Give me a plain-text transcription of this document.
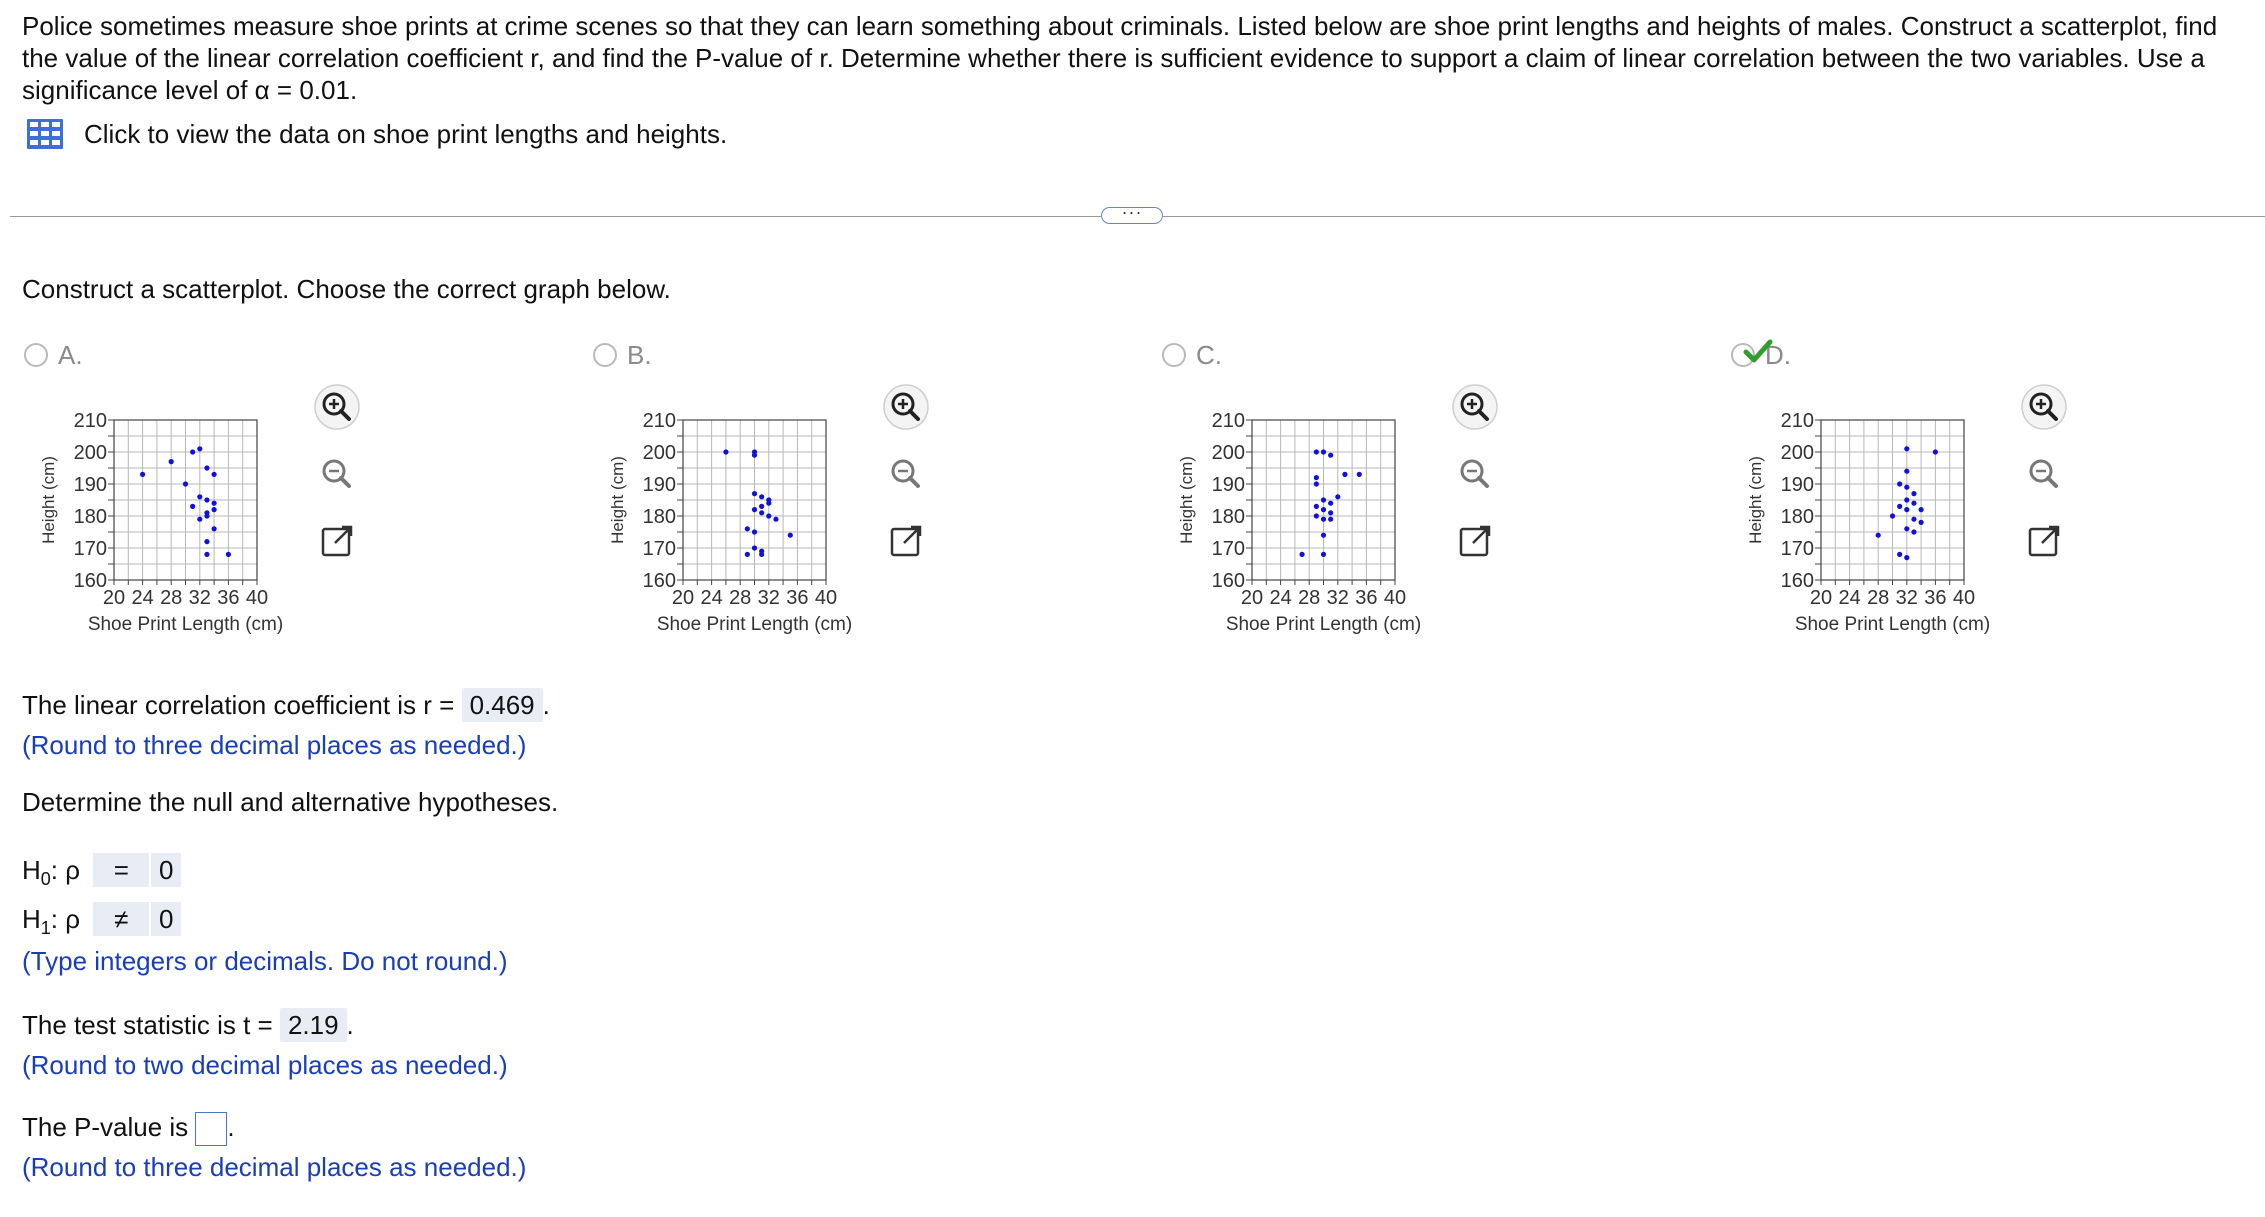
Police sometimes measure shoe prints at crime scenes so that they can learn something about criminals. Listed below are shoe print lengths and heights of males. Construct a scatterplot, find the value of the linear correlation coefficient r, and find the P-value of r. Determine whether there is sufficient evidence to support a claim of linear correlation between the two variables. Use a significance level of α = 0.01.
Click to view the data on shoe print lengths and heights.
···
Construct a scatterplot. Choose the correct graph below.
A.	B.	C.	D.
160
170
180
190
200
210
20 24 28 32 36 40
Shoe Print Length (cm)
Height (cm)
160
170
180
190
200
210
20 24 28 32 36 40
Shoe Print Length (cm)
Height (cm)
160
170
180
190
200
210
20 24 28 32 36 40
Shoe Print Length (cm)
Height (cm)
160
170
180
190
200
210
20 24 28 32 36 40
Shoe Print Length (cm)
Height (cm)
The linear correlation coefficient is r = 0.469 .
(Round to three decimal places as needed.)
Determine the null and alternative hypotheses.
$H_0$: ρ = 0
$H_1$: ρ ≠ 0
(Type integers or decimals. Do not round.)
The test statistic is t = 2.19 .
(Round to two decimal places as needed.)
The P-value is .
(Round to three decimal places as needed.)
